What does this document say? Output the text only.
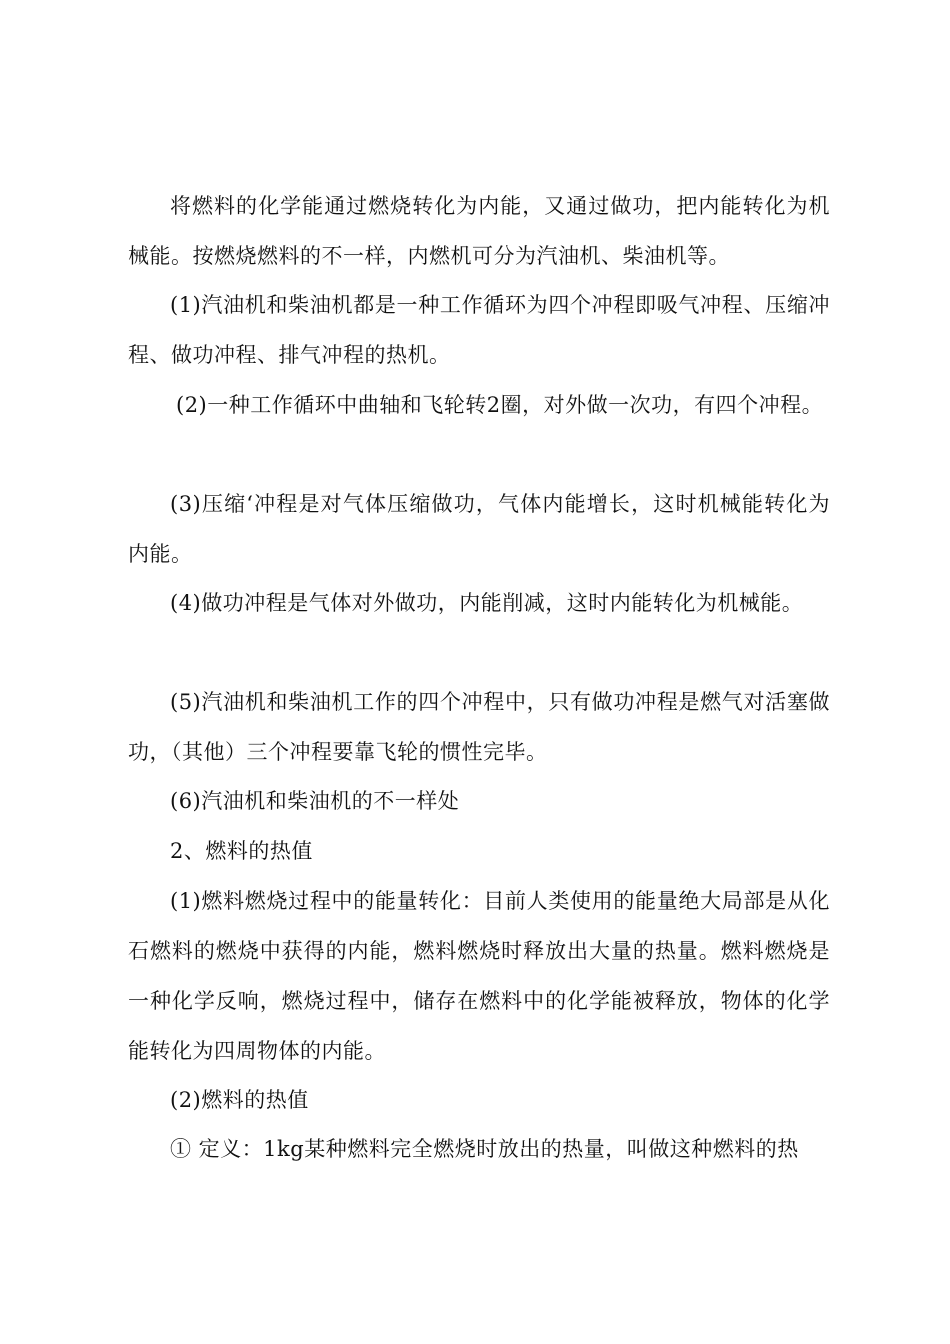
将燃料的化学能通过燃烧转化为内能，又通过做功，把内能转化为机械能。按燃烧燃料的不一样，内燃机可分为汽油机、柴油机等。

(1)汽油机和柴油机都是一种工作循环为四个冲程即吸气冲程、压缩冲程、做功冲程、排气冲程的热机。

(2)一种工作循环中曲轴和飞轮转2圈，对外做一次功，有四个冲程。

(3)压缩‘冲程是对气体压缩做功，气体内能增长，这时机械能转化为内能。

(4)做功冲程是气体对外做功，内能削减，这时内能转化为机械能。

(5)汽油机和柴油机工作的四个冲程中，只有做功冲程是燃气对活塞做功，（其他）三个冲程要靠飞轮的惯性完毕。

(6)汽油机和柴油机的不一样处

2、燃料的热值

(1)燃料燃烧过程中的能量转化：目前人类使用的能量绝大局部是从化石燃料的燃烧中获得的内能，燃料燃烧时释放出大量的热量。燃料燃烧是一种化学反响，燃烧过程中，储存在燃料中的化学能被释放，物体的化学能转化为四周物体的内能。

(2)燃料的热值

① 定义：1kg某种燃料完全燃烧时放出的热量，叫做这种燃料的热
